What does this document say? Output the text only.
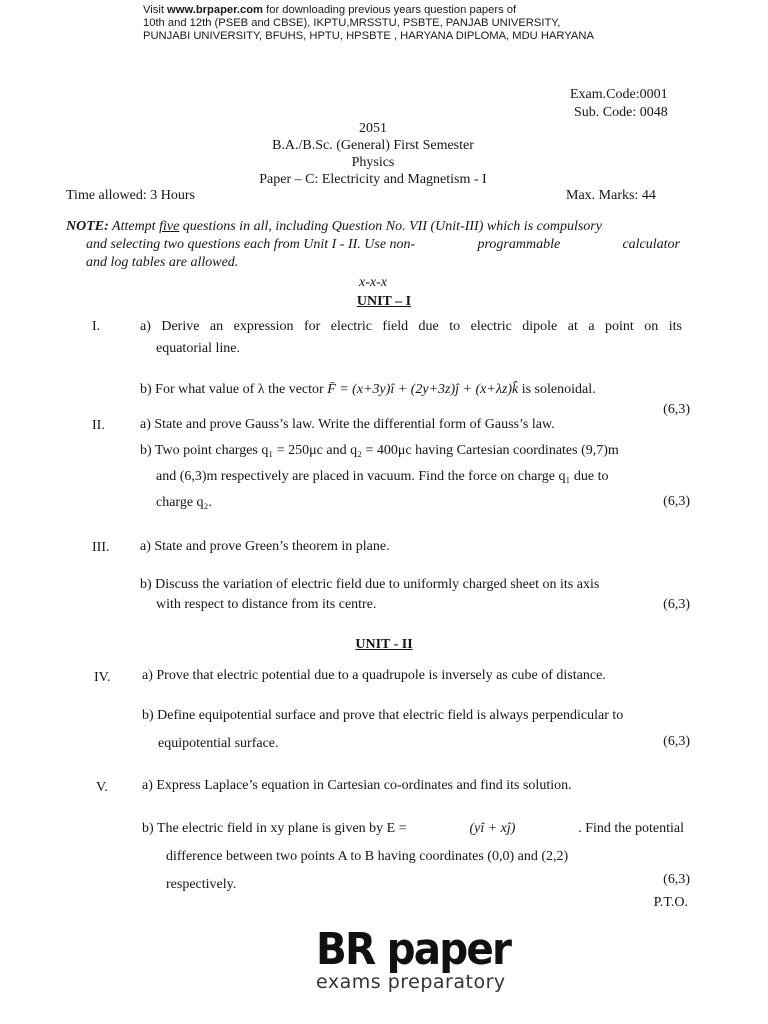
Visit www.brpaper.com for downloading previous years question papers of

10th and 12th (PSEB and CBSE), IKPTU,MRSSTU, PSBTE, PANJAB UNIVERSITY,

PUNJABI UNIVERSITY, BFUHS, HPTU, HPSBTE , HARYANA DIPLOMA, MDU HARYANA

Exam.Code:0001
Sub. Code: 0048
2051
B.A./B.Sc. (General) First Semester
Physics
Paper – C: Electricity and Magnetism - I
Time allowed: 3 Hours	Max. Marks: 44

NOTE: Attempt five questions in all, including Question No. VII (Unit-III) which is compulsory

and selecting two questions each from Unit I - II. Use non-	programmable	calculator

and log tables are allowed.

x-x-x

UNIT – I
I.	a) Derive an expression for electric field due to electric dipole at a point on its

equatorial line.

b) For what value of λ the vector F̄ = (x+3y)î + (2y+3z)ĵ + (x+λz)k̂ is solenoidal.
(6,3)
II.	a) State and prove Gauss’s law. Write the differential form of Gauss’s law.

b) Two point charges q₁ = 250μc and q₂ = 400μc having Cartesian coordinates (9,7)m

and (6,3)m respectively are placed in vacuum. Find the force on charge q₁ due to

charge q₂.	(6,3)
III. a) State and prove Green’s theorem in plane.

b) Discuss the variation of electric field due to uniformly charged sheet on its axis

with respect to distance from its centre.	(6,3)
UNIT - II
IV. a) Prove that electric potential due to a quadrupole is inversely as cube of distance.

b) Define equipotential surface and prove that electric field is always perpendicular to

equipotential surface.	(6,3)
V. a) Express Laplace’s equation in Cartesian co-ordinates and find its solution.

b) The electric field in xy plane is given by E =	(yî + xĵ)	. Find the potential

difference between two points A to B having coordinates (0,0) and (2,2)

respectively.	(6,3)
P.T.O.
BR paper
exams preparatory
